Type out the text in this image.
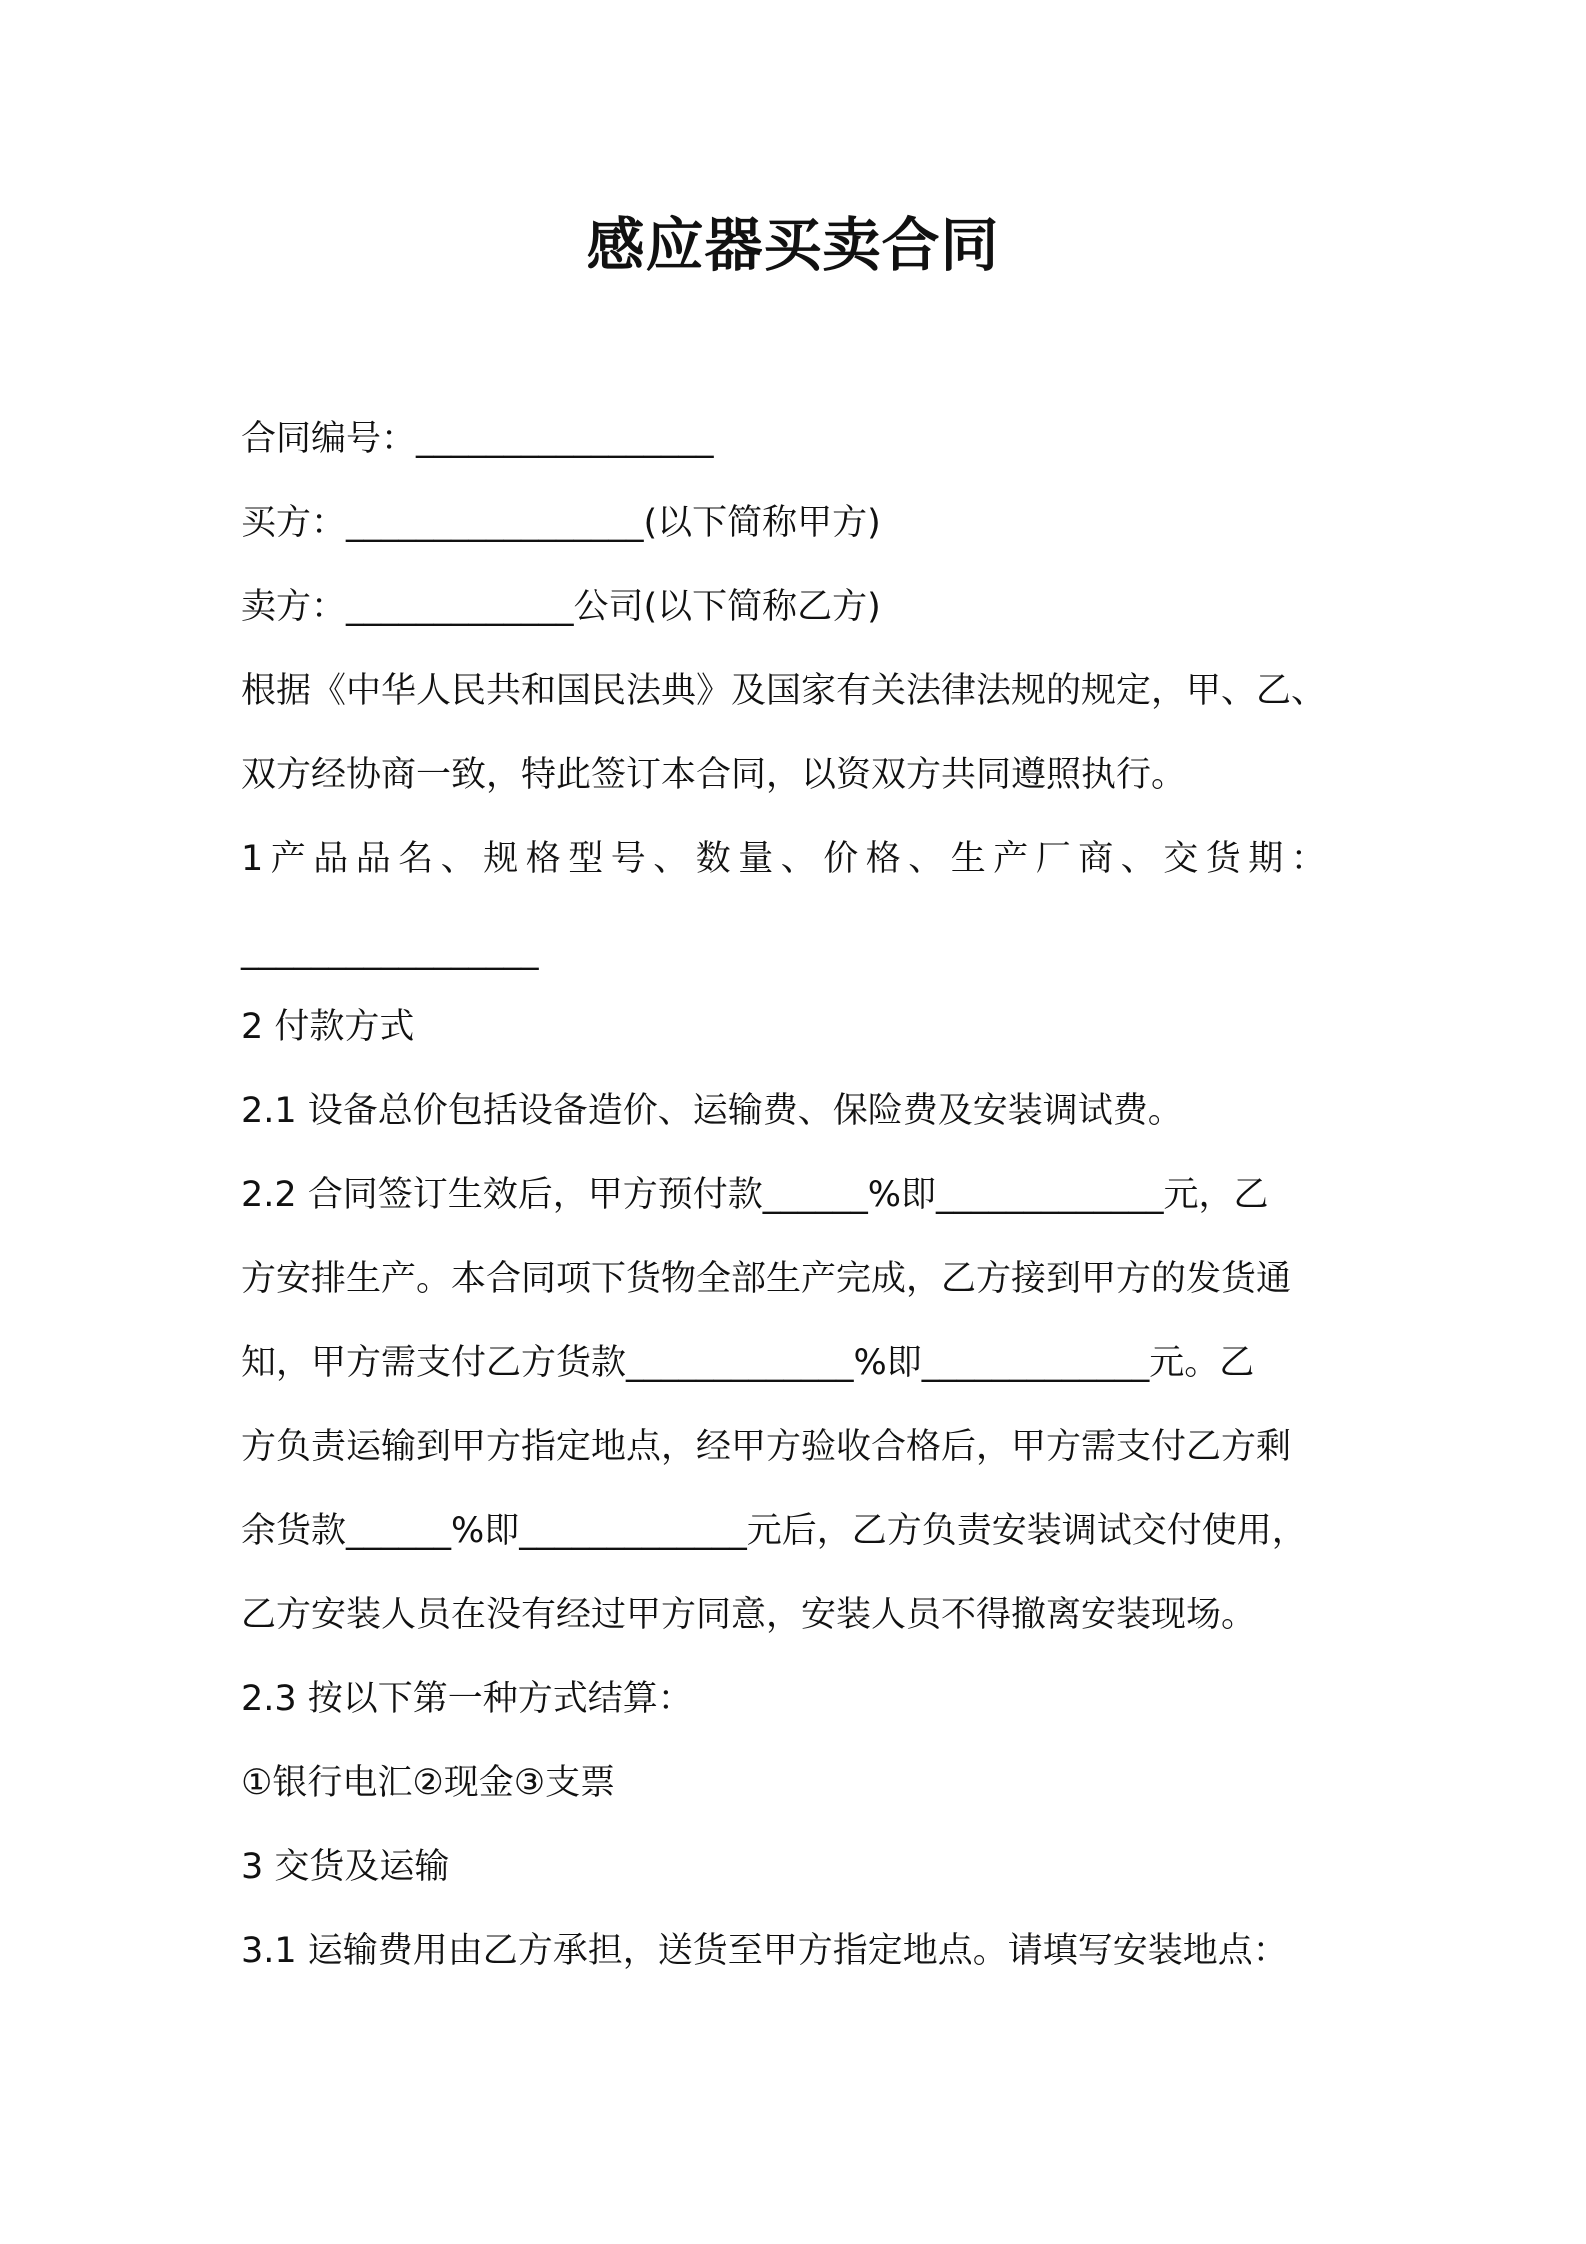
感应器买卖合同
合同编号：_________________
买方：_________________(以下简称甲方)
卖方：_____________公司(以下简称乙方)
根据《中华人民共和国民法典》及国家有关法律法规的规定，甲、乙、
双方经协商一致，特此签订本合同，以资双方共同遵照执行。
1产品品名、规格型号、数量、价格、生产厂商、交货期：
_________________
2 付款方式
2.1 设备总价包括设备造价、运输费、保险费及安装调试费。
2.2 合同签订生效后，甲方预付款______%即_____________元，乙
方安排生产。本合同项下货物全部生产完成，乙方接到甲方的发货通
知，甲方需支付乙方货款_____________%即_____________元。乙
方负责运输到甲方指定地点，经甲方验收合格后，甲方需支付乙方剩
余货款______%即_____________元后，乙方负责安装调试交付使用，
乙方安装人员在没有经过甲方同意，安装人员不得撤离安装现场。
2.3 按以下第一种方式结算：
①银行电汇②现金③支票
3 交货及运输
3.1 运输费用由乙方承担，送货至甲方指定地点。请填写安装地点：
